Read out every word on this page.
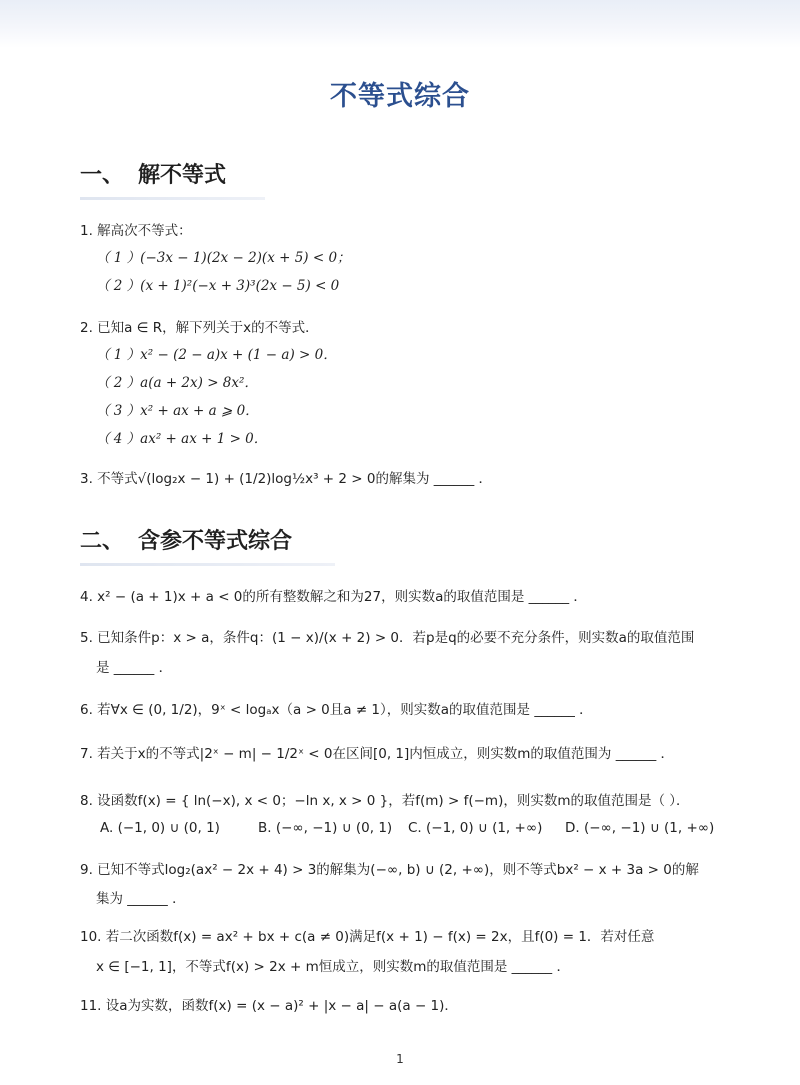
不等式综合
一、 解不等式
1. 解高次不等式：
（ 1 ）(−3x − 1)(2x − 2)(x + 5) < 0；
（ 2 ）(x + 1)²(−x + 3)³(2x − 5) < 0
2. 已知a ∈ R，解下列关于x的不等式．
（ 1 ）x² − (2 − a)x + (1 − a) > 0．
（ 2 ）a(a + 2x) > 8x²．
（ 3 ）x² + ax + a ⩾ 0．
（ 4 ）ax² + ax + 1 > 0．
3. 不等式√(log₂x − 1) + (1/2)log½x³ + 2 > 0的解集为 ______ ．
二、 含参不等式综合
4. x² − (a + 1)x + a < 0的所有整数解之和为27，则实数a的取值范围是 ______ ．
5. 已知条件p：x > a，条件q：(1 − x)/(x + 2) > 0．若p是q的必要不充分条件，则实数a的取值范围
是 ______ ．
6. 若∀x ∈ (0, 1/2)，9ˣ < logₐx（a > 0且a ≠ 1），则实数a的取值范围是 ______ ．
7. 若关于x的不等式|2ˣ − m| − 1/2ˣ < 0在区间[0, 1]内恒成立，则实数m的取值范围为 ______ ．
8. 设函数f(x) = { ln(−x), x < 0；−ln x, x > 0 }，若f(m) > f(−m)，则实数m的取值范围是（ ）．
A. (−1, 0) ∪ (0, 1)	B. (−∞, −1) ∪ (0, 1) C. (−1, 0) ∪ (1, +∞) D. (−∞, −1) ∪ (1, +∞)
9. 已知不等式log₂(ax² − 2x + 4) > 3的解集为(−∞, b) ∪ (2, +∞)，则不等式bx² − x + 3a > 0的解
集为 ______ ．
10. 若二次函数f(x) = ax² + bx + c(a ≠ 0)满足f(x + 1) − f(x) = 2x，且f(0) = 1．若对任意
x ∈ [−1, 1]，不等式f(x) > 2x + m恒成立，则实数m的取值范围是 ______ ．
11. 设a为实数，函数f(x) = (x − a)² + |x − a| − a(a − 1)．
1
